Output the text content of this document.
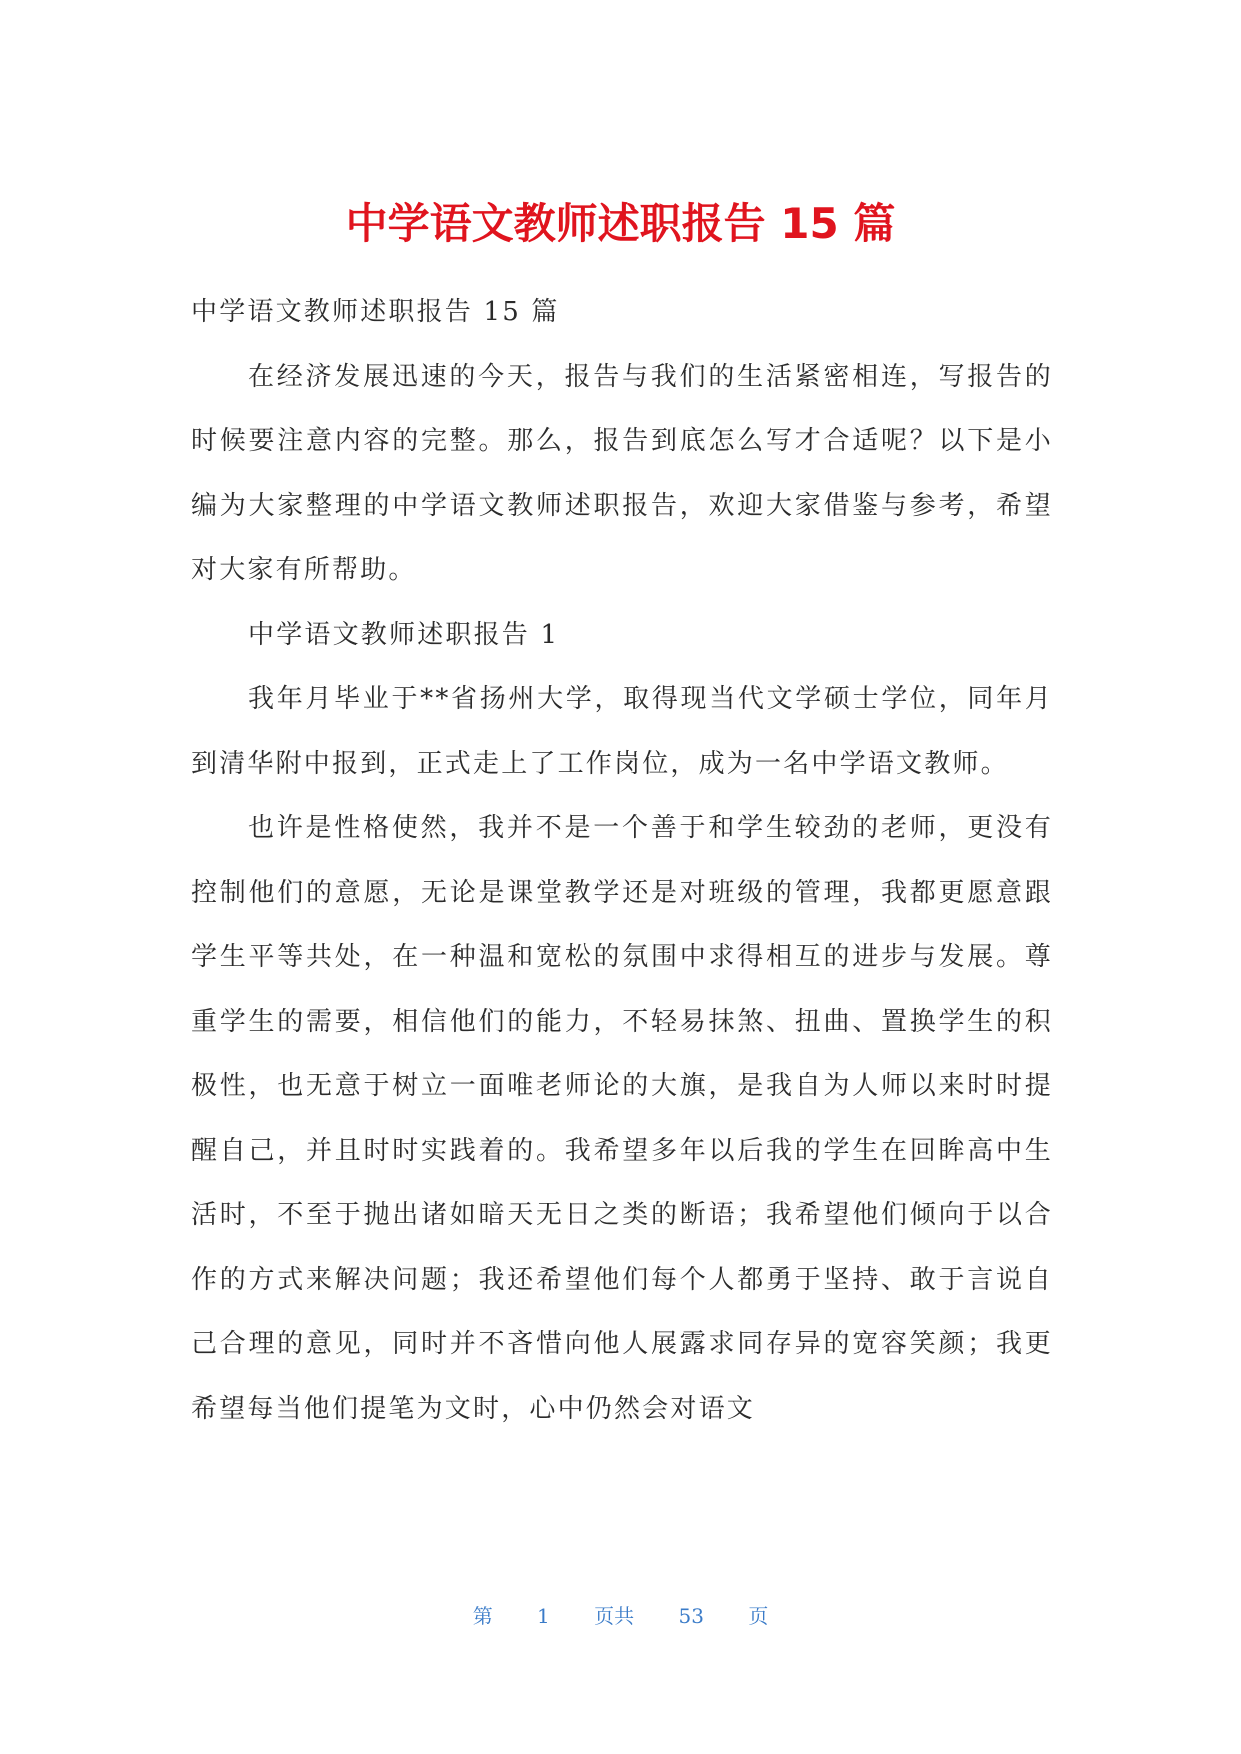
中学语文教师述职报告 15 篇

中学语文教师述职报告 15 篇

在经济发展迅速的今天，报告与我们的生活紧密相连，写报告的时候要注意内容的完整。那么，报告到底怎么写才合适呢？以下是小编为大家整理的中学语文教师述职报告，欢迎大家借鉴与参考，希望对大家有所帮助。

中学语文教师述职报告 1

我年月毕业于**省扬州大学，取得现当代文学硕士学位，同年月到清华附中报到，正式走上了工作岗位，成为一名中学语文教师。

也许是性格使然，我并不是一个善于和学生较劲的老师，更没有控制他们的意愿，无论是课堂教学还是对班级的管理，我都更愿意跟学生平等共处，在一种温和宽松的氛围中求得相互的进步与发展。尊重学生的需要，相信他们的能力，不轻易抹煞、扭曲、置换学生的积极性，也无意于树立一面唯老师论的大旗，是我自为人师以来时时提醒自己，并且时时实践着的。我希望多年以后我的学生在回眸高中生活时，不至于抛出诸如暗天无日之类的断语；我希望他们倾向于以合作的方式来解决问题；我还希望他们每个人都勇于坚持、敢于言说自己合理的意见，同时并不吝惜向他人展露求同存异的宽容笑颜；我更希望每当他们提笔为文时，心中仍然会对语文

第 1 页共 53 页
